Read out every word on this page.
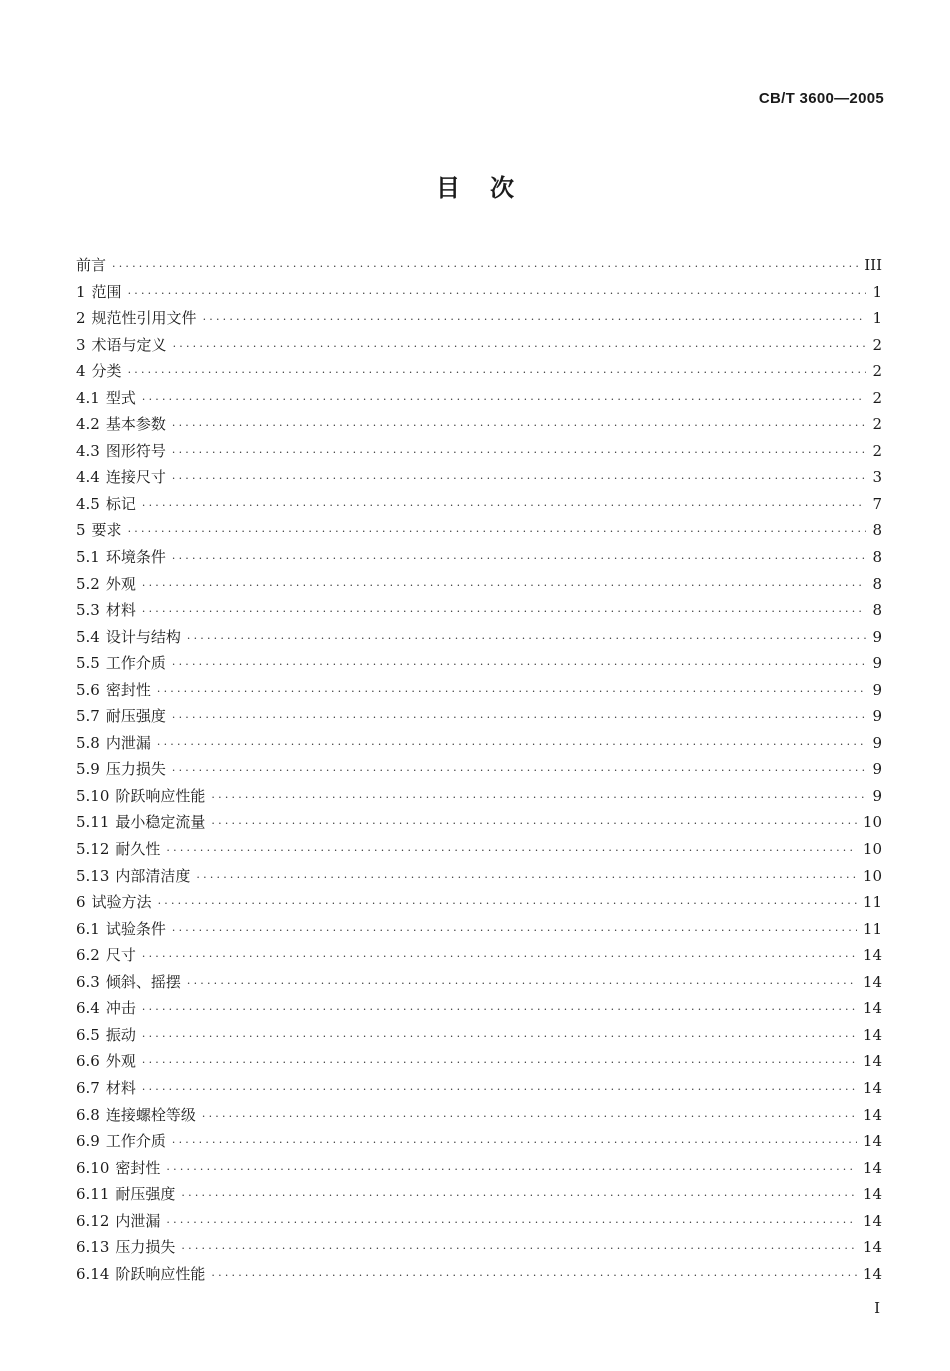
CB/T 3600—2005
目次
前言 ·····	III
1 范围 ·····	1
2 规范性引用文件 ·····	1
3 术语与定义 ·····	2
4 分类 ·····	2
4.1 型式 ·····	2
4.2 基本参数 ·····	2
4.3 图形符号 ·····	2
4.4 连接尺寸 ·····	3
4.5 标记 ·····	7
5 要求 ·····	8
5.1 环境条件 ·····	8
5.2 外观 ·····	8
5.3 材料 ·····	8
5.4 设计与结构 ·····	9
5.5 工作介质 ·····	9
5.6 密封性 ·····	9
5.7 耐压强度 ·····	9
5.8 内泄漏 ·····	9
5.9 压力损失 ·····	9
5.10 阶跃响应性能 ·····	9
5.11 最小稳定流量 ·····	10
5.12 耐久性 ·····	10
5.13 内部清洁度 ·····	10
6 试验方法 ·····	11
6.1 试验条件 ·····	11
6.2 尺寸 ·····	14
6.3 倾斜、摇摆 ·····	14
6.4 冲击 ·····	14
6.5 振动 ·····	14
6.6 外观 ·····	14
6.7 材料 ·····	14
6.8 连接螺栓等级 ·····	14
6.9 工作介质 ·····	14
6.10 密封性 ·····	14
6.11 耐压强度 ·····	14
6.12 内泄漏 ·····	14
6.13 压力损失 ·····	14
6.14 阶跃响应性能 ·····	14
I
